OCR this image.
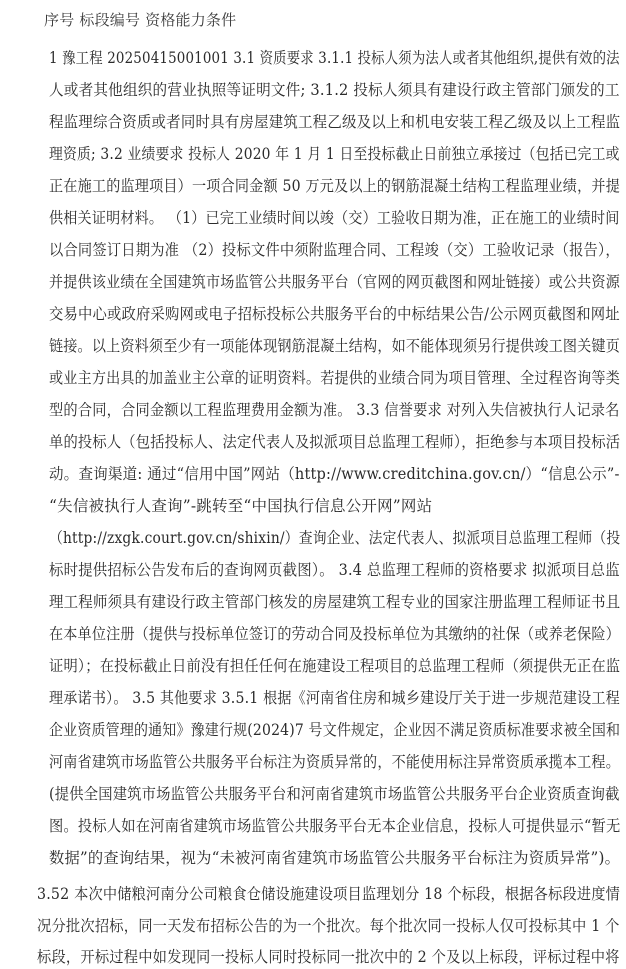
序号 标段编号 资格能力条件
1 豫工程 20250415001001 3.1 资质要求 3.1.1 投标人须为法人或者其他组织,提供有效的法
人或者其他组织的营业执照等证明文件; 3.1.2 投标人须具有建设行政主管部门颁发的工
程监理综合资质或者同时具有房屋建筑工程乙级及以上和机电安装工程乙级及以上工程监
理资质; 3.2 业绩要求 投标人 2020 年 1 月 1 日至投标截止日前独立承接过（包括已完工或
正在施工的监理项目）一项合同金额 50 万元及以上的钢筋混凝土结构工程监理业绩，并提
供相关证明材料。 （1）已完工业绩时间以竣（交）工验收日期为准，正在施工的业绩时间
以合同签订日期为准 （2）投标文件中须附监理合同、工程竣（交）工验收记录（报告），
并提供该业绩在全国建筑市场监管公共服务平台（官网的网页截图和网址链接）或公共资源
交易中心或政府采购网或电子招标投标公共服务平台的中标结果公告/公示网页截图和网址
链接。以上资料须至少有一项能体现钢筋混凝土结构，如不能体现须另行提供竣工图关键页
或业主方出具的加盖业主公章的证明资料。若提供的业绩合同为项目管理、全过程咨询等类
型的合同，合同金额以工程监理费用金额为准。 3.3 信誉要求 对列入失信被执行人记录名
单的投标人（包括投标人、法定代表人及拟派项目总监理工程师），拒绝参与本项目投标活
动。查询渠道: 通过“信用中国”网站（http://www.creditchina.gov.cn/）“信息公示”-
“失信被执行人查询”-跳转至“中国执行信息公开网”网站
（http://zxgk.court.gov.cn/shixin/）查询企业、法定代表人、拟派项目总监理工程师（投
标时提供招标公告发布后的查询网页截图）。 3.4 总监理工程师的资格要求 拟派项目总监
理工程师须具有建设行政主管部门核发的房屋建筑工程专业的国家注册监理工程师证书且
在本单位注册（提供与投标单位签订的劳动合同及投标单位为其缴纳的社保（或养老保险）
证明）；在投标截止日前没有担任任何在施建设工程项目的总监理工程师（须提供无正在监
理承诺书）。 3.5 其他要求 3.5.1 根据《河南省住房和城乡建设厅关于进一步规范建设工程
企业资质管理的通知》豫建行规(2024)7 号文件规定，企业因不满足资质标准要求被全国和
河南省建筑市场监管公共服务平台标注为资质异常的，不能使用标注异常资质承揽本工程。
(提供全国建筑市场监管公共服务平台和河南省建筑市场监管公共服务平台企业资质查询截
图。投标人如在河南省建筑市场监管公共服务平台无本企业信息，投标人可提供显示“暂无
数据”的查询结果，视为“未被河南省建筑市场监管公共服务平台标注为资质异常”)。
3.52 本次中储粮河南分公司粮食仓储设施建设项目监理划分 18 个标段，根据各标段进度情
况分批次招标，同一天发布招标公告的为一个批次。每个批次同一投标人仅可投标其中 1 个
标段，开标过程中如发现同一投标人同时投标同一批次中的 2 个及以上标段，评标过程中将
